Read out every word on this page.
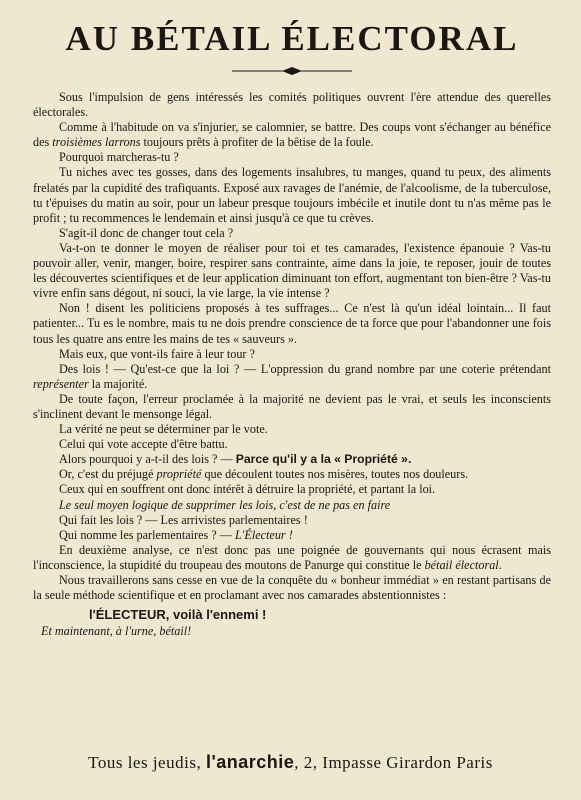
AU BÉTAIL ÉLECTORAL

Sous l'impulsion de gens intéressés les comités politiques ouvrent l'ère attendue des querelles électorales.

Comme à l'habitude on va s'injurier, se calomnier, se battre. Des coups vont s'échanger au bénéfice des troisièmes larrons toujours prêts à profiter de la bêtise de la foule.

Pourquoi marcheras-tu ?

Tu niches avec tes gosses, dans des logements insalubres, tu manges, quand tu peux, des aliments frelatés par la cupidité des trafiquants. Exposé aux ravages de l'anémie, de l'alcoolisme, de la tuberculose, tu t'épuises du matin au soir, pour un labeur presque toujours imbécile et inutile dont tu n'as même pas le profit ; tu recommences le lendemain et ainsi jusqu'à ce que tu crèves.

S'agit-il donc de changer tout cela ?

Va-t-on te donner le moyen de réaliser pour toi et tes camarades, l'existence épanouie ? Vas-tu pouvoir aller, venir, manger, boire, respirer sans contrainte, aime dans la joie, te reposer, jouir de toutes les découvertes scientifiques et de leur application diminuant ton effort, augmentant ton bien-être ? Vas-tu vivre enfin sans dégout, ni souci, la vie large, la vie intense ?

Non ! disent les politiciens proposés à tes suffrages... Ce n'est là qu'un idéal lointain... Il faut patienter... Tu es le nombre, mais tu ne dois prendre conscience de ta force que pour l'abandonner une fois tous les quatre ans entre les mains de tes « sauveurs ».

Mais eux, que vont-ils faire à leur tour ?

Des lois ! — Qu'est-ce que la loi ? — L'oppression du grand nombre par une coterie prétendant représenter la majorité.

De toute façon, l'erreur proclamée à la majorité ne devient pas le vrai, et seuls les inconscients s'inclinent devant le mensonge légal.

La vérité ne peut se déterminer par le vote.

Celui qui vote accepte d'être battu.

Alors pourquoi y a-t-il des lois ? — Parce qu'il y a la « Propriété ».

Or, c'est du préjugé propriété que découlent toutes nos misères, toutes nos douleurs.

Ceux qui en souffrent ont donc intérêt à détruire la propriété, et partant la loi.

Le seul moyen logique de supprimer les lois, c'est de ne pas en faire

Qui fait les lois ? — Les arrivistes parlementaires !

Qui nomme les parlementaires ? — L'Électeur !

En deuxième analyse, ce n'est donc pas une poignée de gouvernants qui nous écrasent mais l'inconscience, la stupidité du troupeau des moutons de Panurge qui constitue le bétail électoral.

Nous travaillerons sans cesse en vue de la conquête du « bonheur immédiat » en restant partisans de la seule méthode scientifique et en proclamant avec nos camarades abstentionnistes :

l'ÉLECTEUR, voilà l'ennemi !

Et maintenant, à l'urne, bétail!

Tous les jeudis, l'anarchie, 2, Impasse Girardon Paris
